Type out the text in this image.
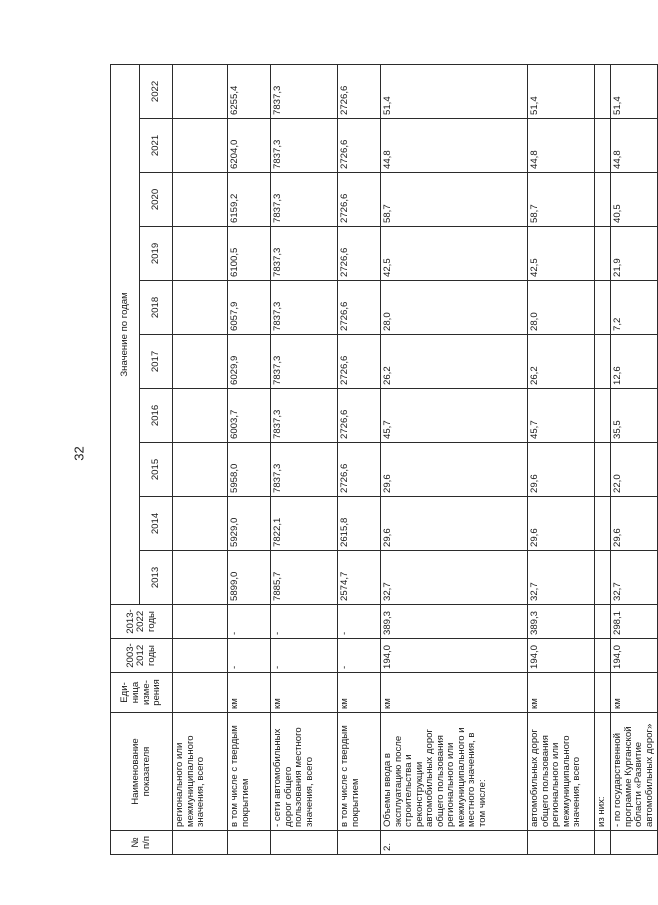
32
№ п/п	Наименование показателя	Еди-ница изме-рения	2003-2012 годы	2013-2022 годы	Значение по годам									
					2013	2014	2015	2016	2017	2018	2019	2020	2021	2022
	регионального или межмуниципального значения, всего													
	в том числе с твердым покрытием	км	-	-	5899,0	5929,0	5958,0	6003,7	6029,9	6057,9	6100,5	6159,2	6204,0	6255,4
	- сети автомобильных дорог общего пользования местного значения, всего	км	-	-	7885,7	7822,1	7837,3	7837,3	7837,3	7837,3	7837,3	7837,3	7837,3	7837,3
	в том числе с твердым покрытием	км	-	-	2574,7	2615,8	2726,6	2726,6	2726,6	2726,6	2726,6	2726,6	2726,6	2726,6
2.	Объемы ввода в эксплуатацию после строительства и реконструкции автомобильных дорог общего пользования регионального или межмуниципального и местного значения, в том числе:	км	194,0	389,3	32,7	29,6	29,6	45,7	26,2	28,0	42,5	58,7	44,8	51,4
	автомобильных дорог общего пользования регионального или межмуниципального значения, всего	км	194,0	389,3	32,7	29,6	29,6	45,7	26,2	28,0	42,5	58,7	44,8	51,4
	из них:													
	- по государственной программе Курганской области «Развитие автомобильных дорог»	км	194,0	298,1	32,7	29,6	22,0	35,5	12,6	7,2	21,9	40,5	44,8	51,4
